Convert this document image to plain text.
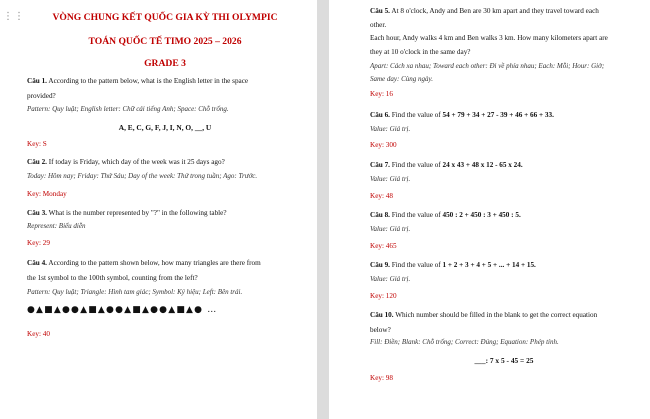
⋮⋮	VÒNG CHUNG KẾT QUỐC GIA KỲ THI OLYMPIC
TOÁN QUỐC TẾ TIMO 2025 – 2026
GRADE 3
Câu 1. According to the pattern below, what is the English letter in the space
provided?
Pattern: Quy luật; English letter: Chữ cái tiếng Anh; Space: Chỗ trống.
A, E, C, G, F, J, I, N, O, __, U
Key: S
Câu 2. If today is Friday, which day of the week was it 25 days ago?
Today: Hôm nay; Friday: Thứ Sáu; Day of the week: Thứ trong tuần; Ago: Trước.
Key: Monday
Câu 3. What is the number represented by "?" in the following table?
Represent: Biểu diễn
Key: 29
Câu 4. According to the pattern shown below, how many triangles are there from
the 1st symbol to the 100th symbol, counting from the left?
Pattern: Quy luật; Triangle: Hình tam giác; Symbol: Ký hiệu; Left: Bên trái.
●▲■▲●●▲■▲●●▲■▲●●▲■▲● …
Key: 40
Câu 5. At 8 o'clock, Andy and Ben are 30 km apart and they travel toward each
other.
Each hour, Andy walks 4 km and Ben walks 3 km. How many kilometers apart are
they at 10 o'clock in the same day?
Apart: Cách xa nhau; Toward each other: Đi về phía nhau; Each: Mỗi; Hour: Giờ;
Same day: Cùng ngày.
Key: 16
Câu 6. Find the value of 54 + 79 + 34 + 27 - 39 + 46 + 66 + 33.
Value: Giá trị.
Key: 300
Câu 7. Find the value of 24 x 43 + 48 x 12 - 65 x 24.
Value: Giá trị.
Key: 48
Câu 8. Find the value of 450 : 2 + 450 : 3 + 450 : 5.
Value: Giá trị.
Key: 465
Câu 9. Find the value of 1 + 2 + 3 + 4 + 5 + ... + 14 + 15.
Value: Giá trị.
Key: 120
Câu 10. Which number should be filled in the blank to get the correct equation
below?
Fill: Điền; Blank: Chỗ trống; Correct: Đúng; Equation: Phép tính.
___: 7 x 5 - 45 = 25
Key: 98
